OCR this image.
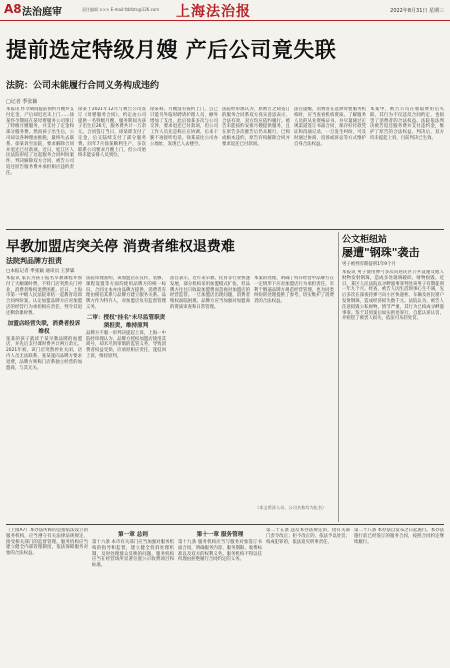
A8 法治庭审	责任编辑 ××× E-mail:fzbfzts@126.com 上海法治报	2022年8月31日 星期三
提前选定特级月嫂 产后公司竟失联
法院：公司未能履行合同义务构成违约
□记者 季张颖
本报讯 怀孕期间提前预约月嫂并支付定金，产后却迟迟未上门……徐某怀孕期间在某母婴服务公司预订了特级月嫂服务，并支付了定金和部分服务费。然而孩子出生后，公司却以各种理由推脱，最终失去联系。徐某诉至法院，要求解除合同并退还已付款项。近日，松江区人民法院审结了这起服务合同纠纷案件，判决解除双方合同，被告公司返还原告服务费并承担相应违约责任。
徐某于2021年12月与被告公司签订《母婴服务合同》，约定由公司提供一名特级月嫂，服务期间为孩子出生后26天，服务费共计一万余元。合同签订当日，徐某即支付了定金，后又陆续支付了部分服务费。同年7月徐某顺利生产，多次联系公司要求月嫂上门，但公司始终未能安排人员到位。
徐某称，月嫂没有按约上门，自己只能另外临时聘请护理人员，额外增加了支出。此后徐某多次与公司交涉，要求退还已付款项，但公司工作人员先是称正在协调，后来干脆不再接听电话。徐某前往公司办公地址，发现已人去楼空。
法院经审理认为，原被告之间签订的服务合同系双方真实意思表示，合法有效，双方均应依约履行。被告未能按约安排月嫂提供服务，且在原告多次催告后仍未履行，已构成根本违约，原告有权解除合同并要求返还已付款项。
法官提醒，消费者在选择母婴服务机构时，应当查看机构资质、了解服务人员的从业资格证书，并尽量通过正规渠道签订书面合同，保存好付款凭证和沟通记录，一旦发生纠纷，可及时通过协商、投诉或诉讼等方式维护自身合法权益。
本案中，被告公司在收取费用后失联，其行为不仅违反合同约定，也损害了消费者的合法权益。法院依法判决被告返还服务费并支付违约金，维护了原告的合法权益。判决后，双方均未提起上诉，目前判决已生效。
早教加盟店突关停 消费者维权退费难
法院判品牌方担责
□本报记者 季张颖 通讯员 王梦霖
本报讯 家长为孩子报名早教课程并预付了大额课时费，不料门店突然关门停业，消费者维权退费困难。近日，上海市第一中级人民法院审结一起教育培训合同纠纷案，认定加盟品牌方应对加盟店的经营行为承担相应责任，判令其退还剩余课时费。
加盟店经营失联，消费者投诉维权
张某的孩子就读于某早教品牌的加盟店，并先后支付课时费共计两万余元。2021年初，该门店突然停业关闭，店内人员无法联系，张某遂向品牌方要求退费，品牌方则称门店系独立经营的加盟商，与其无关。
法院审理查明，该加盟店在宣传、装修、课程设置等方面均使用品牌方的统一标识，合同文本亦由品牌方提供，消费者有理由相信其系与品牌方建立服务关系。品牌方作为特许人，对加盟店负有监督管理义务。
二审：授权"挂名"未尽监管职责须担责，维持原判
品牌方不服一审判决提起上诉，上海一中院经审理认为，品牌方授权加盟店使用其商号，却未尽到审慎的监管义务，导致消费者权益受损，应承担相应责任，遂驳回上诉，维持原判。
法官表示，近年来早教、托育等行业快速发展，部分机构采用加盟模式扩张，但品牌方往往只收取加盟费而忽视对加盟店的经营监管。一旦加盟店出现问题，消费者维权面临困难。品牌方应当加强对加盟商的资质审查和日常管理。
本案的处理，明确了特许经营中品牌方在一定情形下应对加盟店行为承担责任，有利于倒逼品牌方规范经营管理，也为同类纠纷的处理提供了参考，切实维护了消费者的合法权益。
（本文所涉人员、公司名称均为化名）
公文柜纽站
屡遭"钢珠"袭击
男子被判有期徒刑1年9个月
本报讯 男子使用弹弓多次向居民区公共设施及他人财物发射钢珠，造成多处玻璃破碎、财物损毁。近日，某区人民法院以寻衅滋事罪判处该男子有期徒刑一年九个月。经查，被告人因生活琐事心生不满，先后多次在深夜持弹弓向小区快递柜、车辆及居民窗户发射钢珠，造成经济损失数千元。法院认为，被告人任意损毁公私财物，情节严重，其行为已构成寻衅滋事罪。鉴于其到案后如实供述罪行，自愿认罪认罚，并赔偿了被害人损失，依法可从轻处罚。
（上接A7）本办法所称的是指依法设立的服务机构，应当遵守有关法律法规规定，接受相关部门的监督管理。服务机构应当建立健全内部管理制度，依法保障服务对象的合法权益。
第一章 总则
第十六条 本市有关部门应当加强对服务机构的指导和监督，建立健全投诉处理机制，及时处理群众反映的问题。服务机构应当在经营场所显著位置公示收费项目和标准。
第十一章 服务管理
第十九条 服务机构应当与服务对象签订书面合同，明确服务内容、服务期限、收费标准以及双方的权利义务。服务机构不得以任何理由拒绝履行合同约定的义务。
第二十五条 违反本办法规定的，由有关部门责令改正；拒不改正的，依法予以处罚；构成犯罪的，依法追究刑事责任。
第二十八条 本办法自发布之日起施行。本办法施行前已经签订的服务合同，按照合同约定继续履行。
